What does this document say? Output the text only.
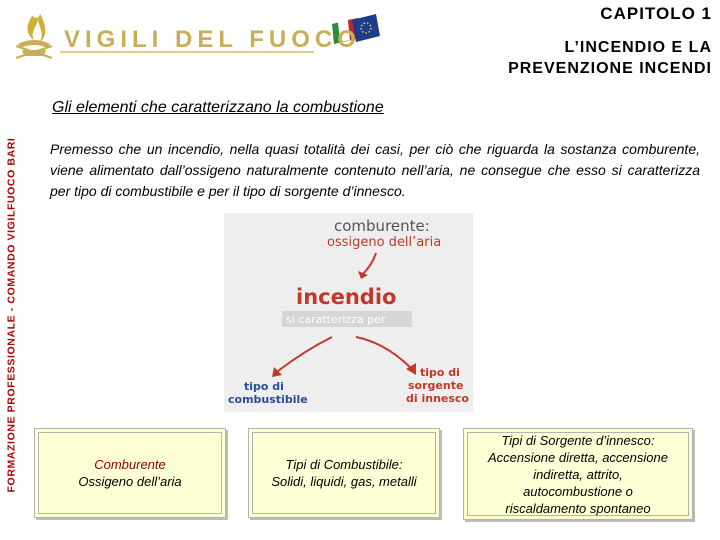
FORMAZIONE PROFESSIONALE - COMANDO VIGILFUOCO BARI
VIGILI DEL FUOCO
CAPITOLO 1
L’INCENDIO E LA
PREVENZIONE INCENDI
Gli elementi che caratterizzano la combustione

Premesso che un incendio, nella quasi totalità dei casi, per ciò che riguarda la sostanza comburente, viene alimentato dall’ossigeno naturalmente contenuto nell’aria, ne consegue che esso si caratterizza per tipo di combustibile e per il tipo di sorgente d’innesco.

comburente:
ossigeno dell’aria
incendio
si caratterizza per
tipo di
combustibile
tipo di
sorgente
di innesco
Comburente
Ossigeno dell’aria
Tipi di Combustibile:
Solidi, liquidi, gas, metalli
Tipi di Sorgente d’innesco:
Accensione diretta, accensione
indiretta, attrito,
autocombustione o
riscaldamento spontaneo
